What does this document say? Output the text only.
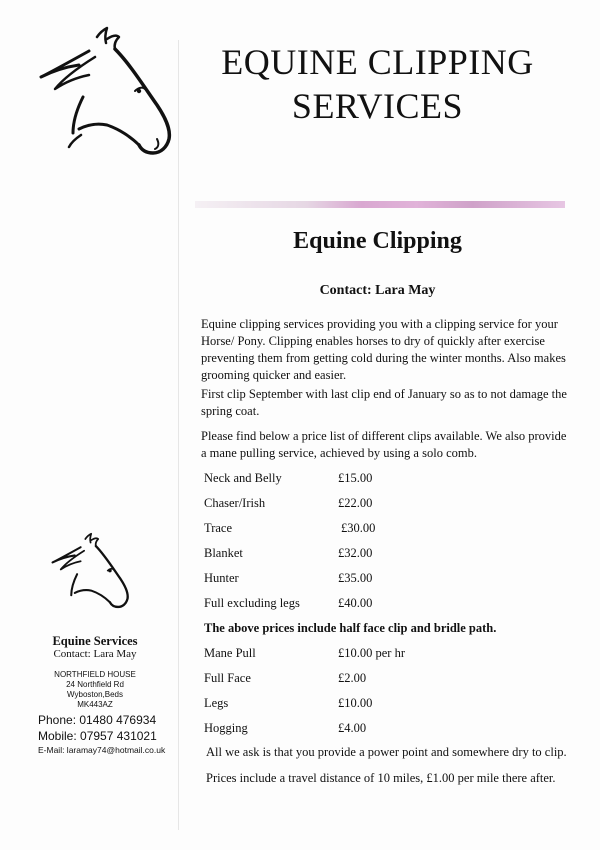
EQUINE CLIPPING
SERVICES
Equine Clipping
Contact: Lara May
Equine clipping services providing you with a clipping service for your Horse/ Pony. Clipping enables horses to dry of quickly after exercise preventing them from getting cold during the winter months. Also makes grooming quicker and easier.
First clip September with last clip end of January so as to not damage the spring coat.
Please find below a price list of different clips available. We also provide a mane pulling service, achieved by using a solo comb.
Neck and Belly	£15.00
Chaser/Irish	£22.00
Trace	£30.00
Blanket	£32.00
Hunter	£35.00
Full excluding legs	£40.00
The above prices include half face clip and bridle path.
Mane Pull	£10.00 per hr
Full Face	£2.00
Legs	£10.00
Hogging	£4.00
All we ask is that you provide a power point and somewhere dry to clip.
Prices include a travel distance of 10 miles, £1.00 per mile there after.
Equine Services
Contact: Lara May
NORTHFIELD HOUSE
24 Northfield Rd
Wyboston,Beds
MK443AZ
Phone: 01480 476934
Mobile: 07957 431021
E-Mail: laramay74@hotmail.co.uk
